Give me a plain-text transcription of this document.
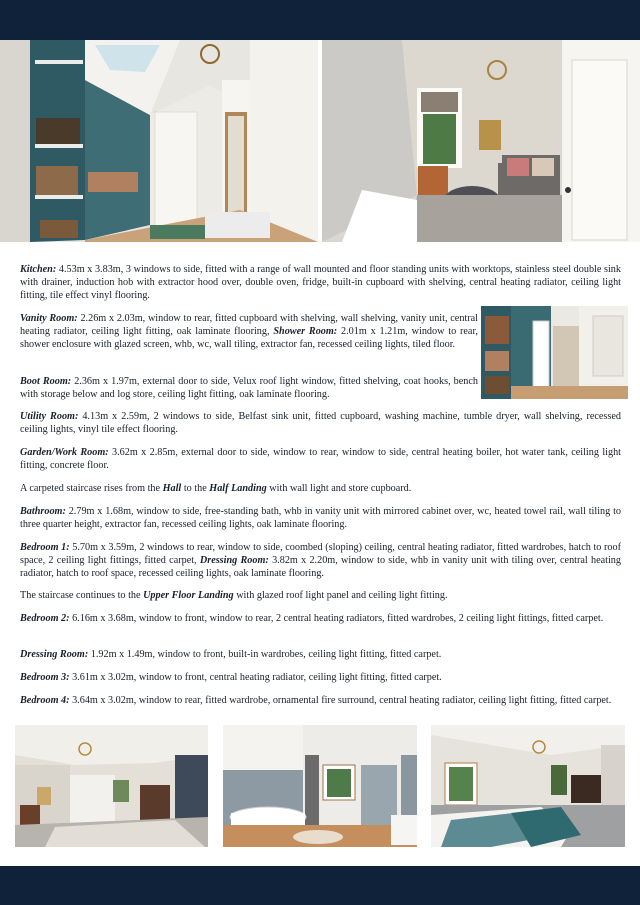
Kitchen: 4.53m x 3.83m, 3 windows to side, fitted with a range of wall mounted and floor standing units with worktops, stainless steel double sink with drainer, induction hob with extractor hood over, double oven, fridge, built-in cupboard with shelving, central heating radiator, ceiling light fitting, tile effect vinyl flooring.
Vanity Room: 2.26m x 2.03m, window to rear, fitted cupboard with shelving, wall shelving, vanity unit, central heating radiator, ceiling light fitting, oak laminate flooring, Shower Room: 2.01m x 1.21m, window to rear, shower enclosure with glazed screen, whb, wc, wall tiling, extractor fan, recessed ceiling lights, tiled floor.
Boot Room: 2.36m x 1.97m, external door to side, Velux roof light window, fitted shelving, coat hooks, bench with storage below and log store, ceiling light fitting, oak laminate flooring.
Utility Room: 4.13m x 2.59m, 2 windows to side, Belfast sink unit, fitted cupboard, washing machine, tumble dryer, wall shelving, recessed ceiling lights, vinyl tile effect flooring.
Garden/Work Room: 3.62m x 2.85m, external door to side, window to rear, window to side, central heating boiler, hot water tank, ceiling light fitting, concrete floor.
A carpeted staircase rises from the Hall to the Half Landing with wall light and store cupboard.
Bathroom: 2.79m x 1.68m, window to side, free-standing bath, whb in vanity unit with mirrored cabinet over, wc, heated towel rail, wall tiling to three quarter height, extractor fan, recessed ceiling lights, oak laminate flooring.
Bedroom 1: 5.70m x 3.59m, 2 windows to rear, window to side, coombed (sloping) ceiling, central heating radiator, fitted wardrobes, hatch to roof space, 2 ceiling light fittings, fitted carpet, Dressing Room: 3.82m x 2.20m, window to side, whb in vanity unit with tiling over, central heating radiator, hatch to roof space, recessed ceiling lights, oak laminate flooring.
The staircase continues to the Upper Floor Landing with glazed roof light panel and ceiling light fitting.
Bedroom 2: 6.16m x 3.68m, window to front, window to rear, 2 central heating radiators, fitted wardrobes, 2 ceiling light fittings, fitted carpet.
Dressing Room: 1.92m x 1.49m, window to front, built-in wardrobes, ceiling light fitting, fitted carpet.
Bedroom 3: 3.61m x 3.02m, window to front, central heating radiator, ceiling light fitting, fitted carpet.
Bedroom 4: 3.64m x 3.02m, window to rear, fitted wardrobe, ornamental fire surround, central heating radiator, ceiling light fitting, fitted carpet.
